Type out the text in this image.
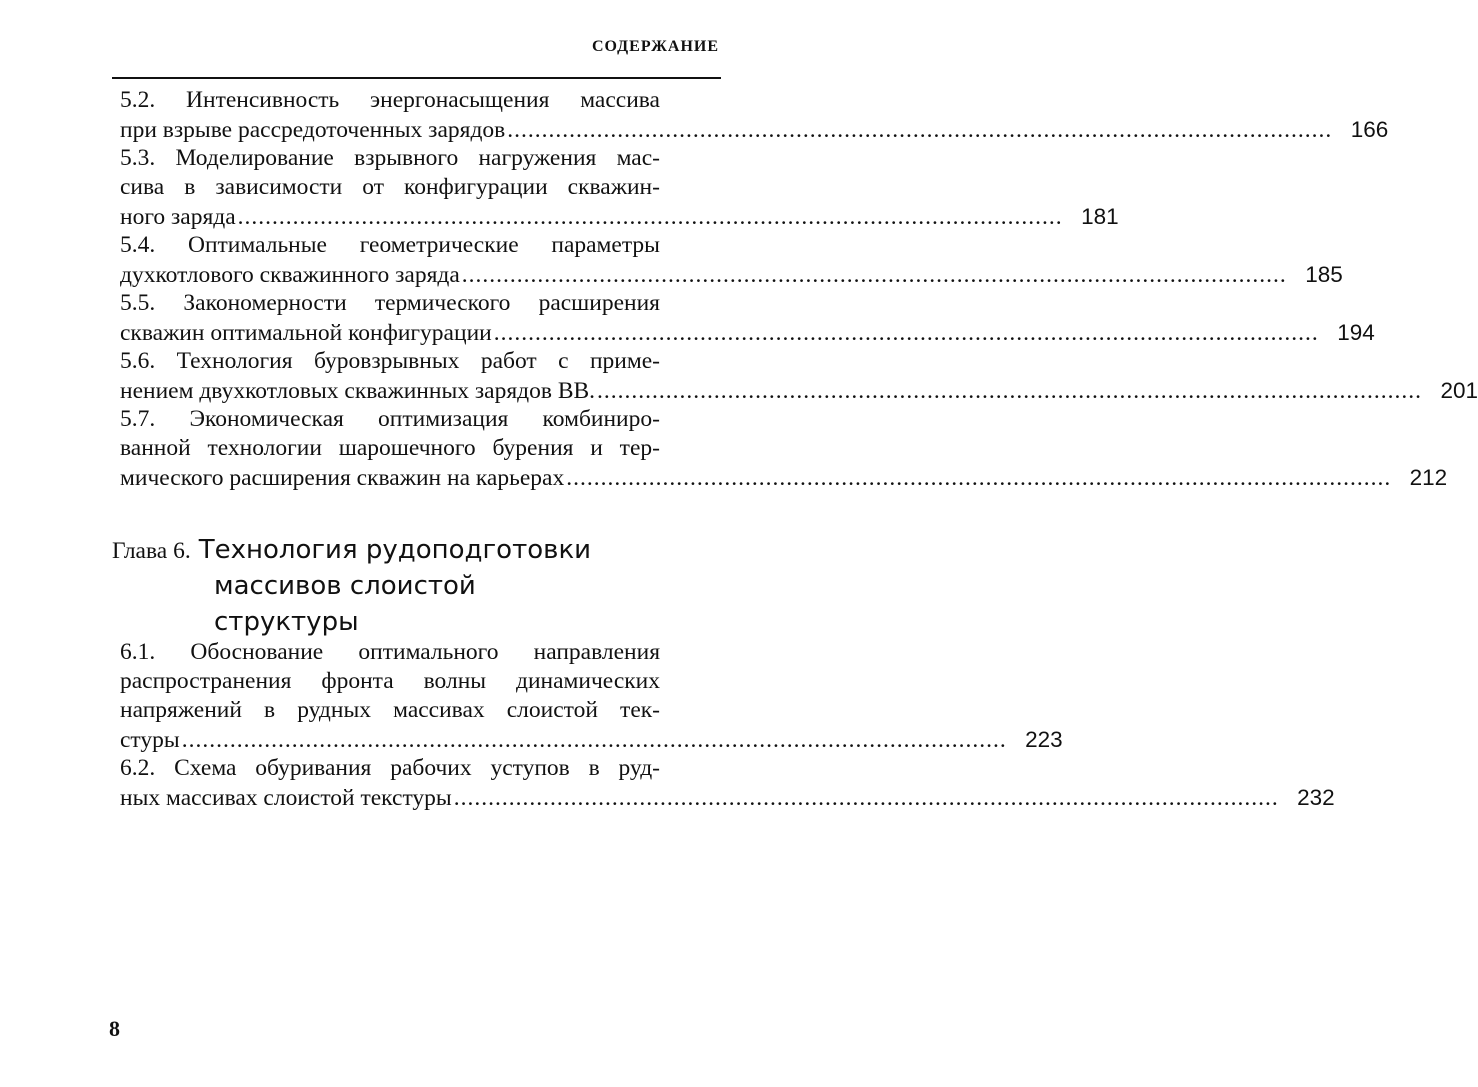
СОДЕРЖАНИЕ
5.2. Интенсивность энергонасыщения массива
при взрыве рассредоточенных зарядов ........................................................................................................................ 166
5.3. Моделирование взрывного нагружения мас-
сива в зависимости от конфигурации скважин-
ного заряда ........................................................................................................................ 181
5.4. Оптимальные геометрические параметры
духкотлового скважинного заряда ........................................................................................................................ 185
5.5. Закономерности термического расширения
скважин оптимальной конфигурации ........................................................................................................................ 194
5.6. Технология буровзрывных работ с приме-
нением двухкотловых скважинных зарядов ВВ. ........................................................................................................................ 201
5.7. Экономическая оптимизация комбиниро-
ванной технологии шарошечного бурения и тер-
мического расширения скважин на карьерах ........................................................................................................................ 212
Глава 6. Технология рудоподготовки
массивов слоистой
структуры
6.1. Обоснование оптимального направления
распространения фронта волны динамических
напряжений в рудных массивах слоистой тек-
стуры ........................................................................................................................ 223
6.2. Схема обуривания рабочих уступов в руд-
ных массивах слоистой текстуры ........................................................................................................................ 232
8
